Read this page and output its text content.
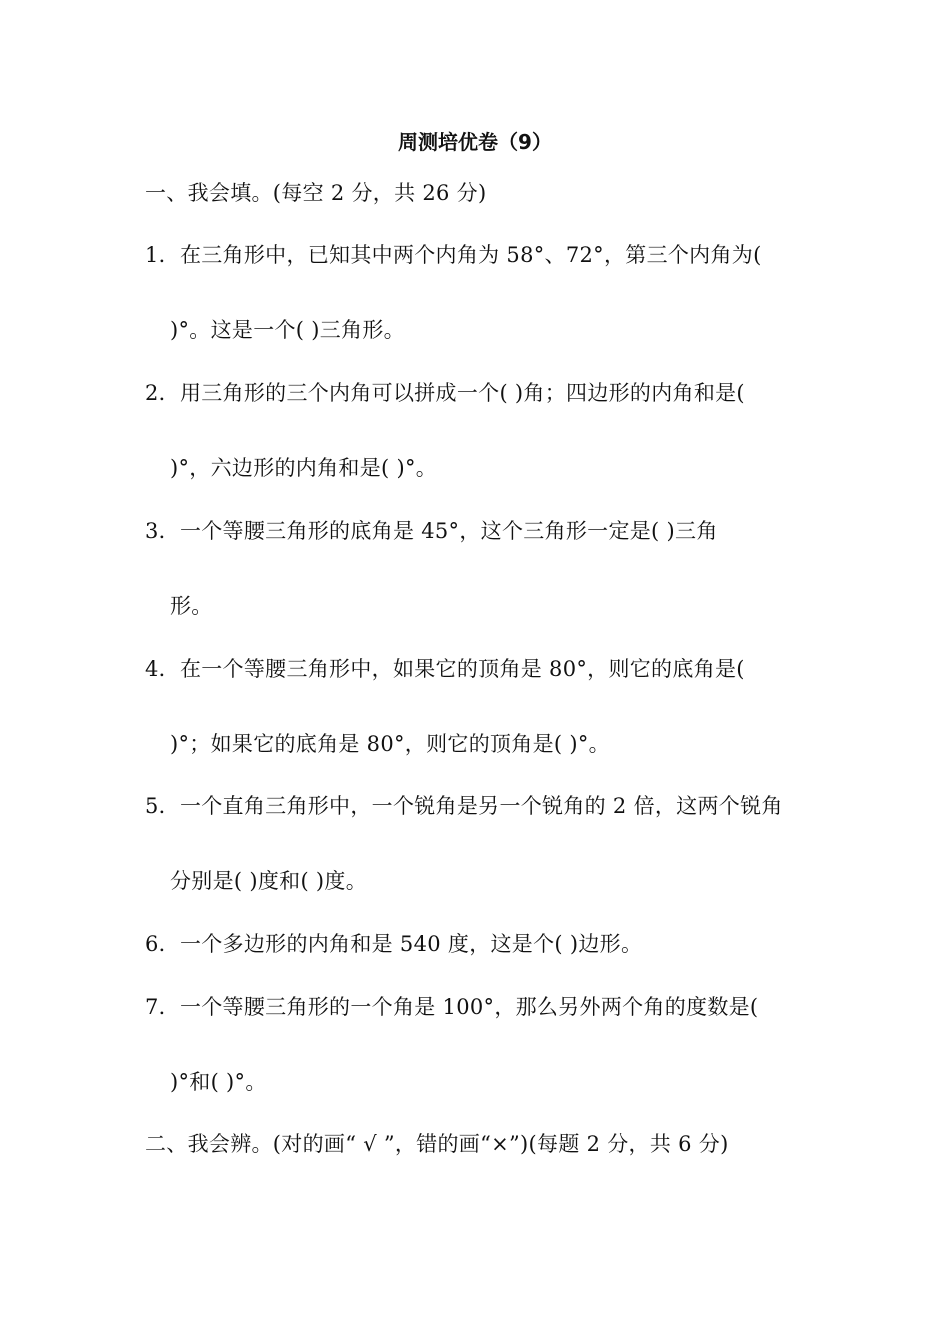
周测培优卷（9）
一、我会填。(每空 2 分，共 26 分)
1．在三角形中，已知其中两个内角为 58°、72°，第三个内角为(
)°。这是一个( )三角形。
2．用三角形的三个内角可以拼成一个( )角；四边形的内角和是(
)°，六边形的内角和是( )°。
3．一个等腰三角形的底角是 45°，这个三角形一定是( )三角
形。
4．在一个等腰三角形中，如果它的顶角是 80°，则它的底角是(
)°；如果它的底角是 80°，则它的顶角是( )°。
5．一个直角三角形中，一个锐角是另一个锐角的 2 倍，这两个锐角
分别是( )度和( )度。
6．一个多边形的内角和是 540 度，这是个( )边形。
7．一个等腰三角形的一个角是 100°，那么另外两个角的度数是(
)°和( )°。
二、我会辨。(对的画“ √ ”，错的画“×”)(每题 2 分，共 6 分)
